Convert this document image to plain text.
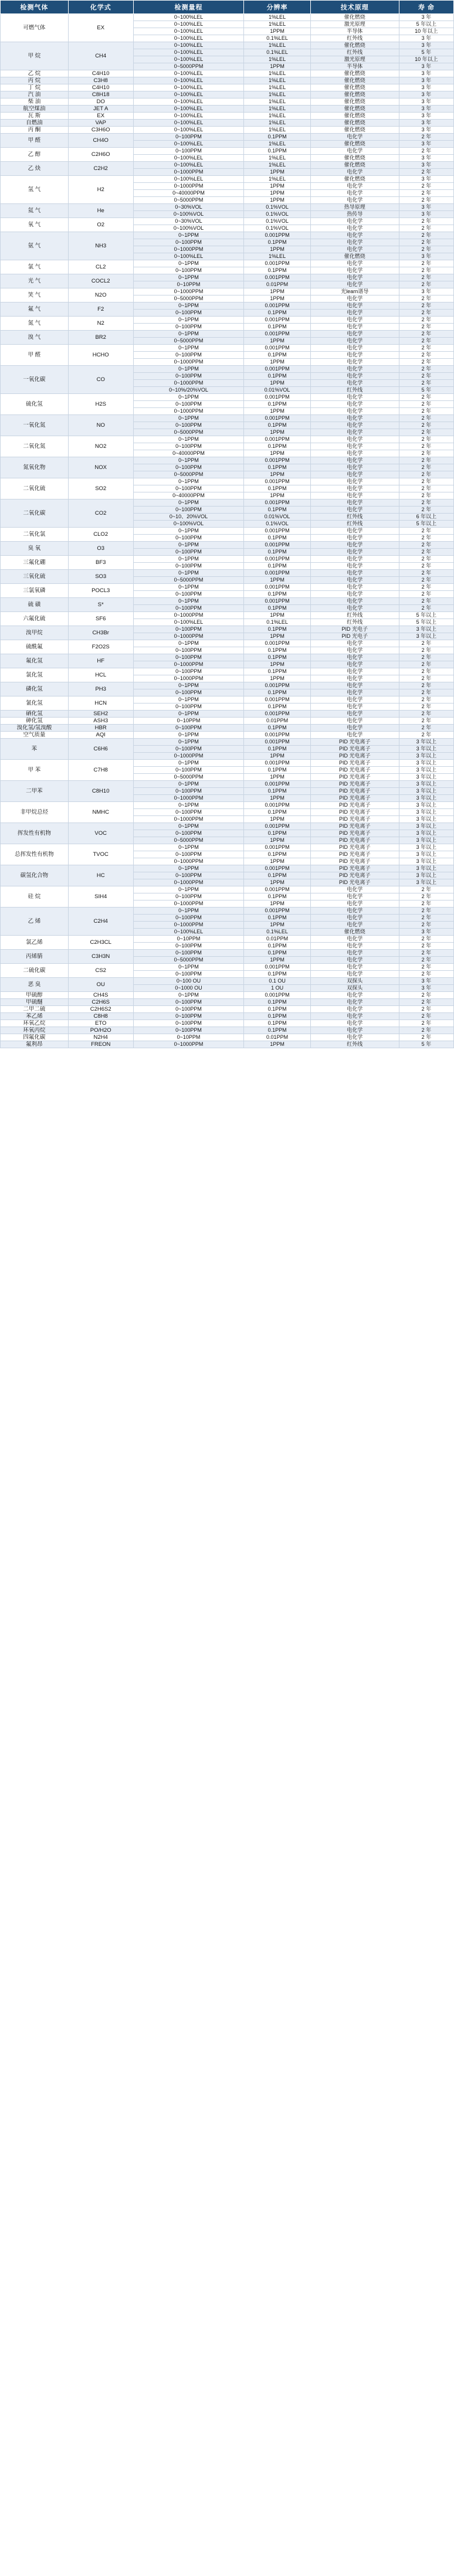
检测气体	化学式	检测量程	分辨率	技术原理	寿 命
可燃气体	EX	0~100%LEL	1%LEL	催化燃烧	3 年
		0~100%LEL	1%LEL	激光原理	5 年以上
		0~100%LEL	1PPM	半导体	10 年以上
		0~100%LEL	0.1%LEL	红外线	3 年
甲 烷	CH4	0~100%LEL	1%LEL	催化燃烧	3 年
		0~100%LEL	0.1%LEL	红外线	5 年
		0~100%LEL	1%LEL	激光原理	10 年以上
		0~5000PPM	1PPM	半导体	3 年
乙 烷	C4H10	0~100%LEL	1%LEL	催化燃烧	3 年
丙 烷	C3H8	0~100%LEL	1%LEL	催化燃烧	3 年
丁 烷	C4H10	0~100%LEL	1%LEL	催化燃烧	3 年
汽 油	C8H18	0~100%LEL	1%LEL	催化燃烧	3 年
柴 油	DO	0~100%LEL	1%LEL	催化燃烧	3 年
航空煤油	JET A	0~100%LEL	1%LEL	催化燃烧	3 年
瓦 斯	EX	0~100%LEL	1%LEL	催化燃烧	3 年
自燃油	VAP	0~100%LEL	1%LEL	催化燃烧	3 年
丙 酮	C3H6O	0~100%LEL	1%LEL	催化燃烧	3 年
甲 醛	CH4O	0~100PPM	0.1PPM	电化学	2 年
		0~100%LEL	1%LEL	催化燃烧	3 年
乙 醇	C2H6O	0~100PPM	0.1PPM	电化学	2 年
		0~100%LEL	1%LEL	催化燃烧	3 年
乙 炔	C2H2	0~100%LEL	1%LEL	催化燃烧	3 年
		0~1000PPM	1PPM	电化学	2 年
氢 气	H2	0~100%LEL	1%LEL	催化燃烧	3 年
		0~1000PPM	1PPM	电化学	2 年
		0~40000PPM	1PPM	电化学	2 年
		0~5000PPM	1PPM	电化学	2 年
氦 气	He	0~30%VOL	0.1%VOL	热导原理	3 年
		0~100%VOL	0.1%VOL	热传导	3 年
氧 气	O2	0~30%VOL	0.1%VOL	电化学	2 年
		0~100%VOL	0.1%VOL	电化学	2 年
氨 气	NH3	0~1PPM	0.001PPM	电化学	2 年
		0~100PPM	0.1PPM	电化学	2 年
		0~1000PPM	1PPM	电化学	2 年
		0~100%LEL	1%LEL	催化燃烧	3 年
氯 气	CL2	0~1PPM	0.001PPM	电化学	2 年
		0~100PPM	0.1PPM	电化学	2 年
光 气	COCL2	0~1PPM	0.001PPM	电化学	2 年
		0~10PPM	0.01PPM	电化学	2 年
笑 气	N2O	0~1000PPM	1PPM	光learn谱导	3 年
		0~5000PPM	1PPM	电化学	2 年
氟 气	F2	0~1PPM	0.001PPM	电化学	2 年
		0~100PPM	0.1PPM	电化学	2 年
氮 气	N2	0~1PPM	0.001PPM	电化学	2 年
		0~100PPM	0.1PPM	电化学	2 年
溴 气	BR2	0~1PPM	0.001PPM	电化学	2 年
		0~5000PPM	1PPM	电化学	2 年
甲 醛	HCHO	0~1PPM	0.001PPM	电化学	2 年
		0~100PPM	0.1PPM	电化学	2 年
		0~1000PPM	1PPM	电化学	2 年
一氧化碳	CO	0~1PPM	0.001PPM	电化学	2 年
		0~100PPM	0.1PPM	电化学	2 年
		0~1000PPM	1PPM	电化学	2 年
		0~10%/20%VOL	0.01%VOL	红外线	5 年
硫化氢	H2S	0~1PPM	0.001PPM	电化学	2 年
		0~100PPM	0.1PPM	电化学	2 年
		0~1000PPM	1PPM	电化学	2 年
一氧化氮	NO	0~1PPM	0.001PPM	电化学	2 年
		0~100PPM	0.1PPM	电化学	2 年
		0~5000PPM	1PPM	电化学	2 年
二氧化氮	NO2	0~1PPM	0.001PPM	电化学	2 年
		0~100PPM	0.1PPM	电化学	2 年
		0~40000PPM	1PPM	电化学	2 年
氮氧化物	NOX	0~1PPM	0.001PPM	电化学	2 年
		0~100PPM	0.1PPM	电化学	2 年
		0~5000PPM	1PPM	电化学	2 年
二氧化硫	SO2	0~1PPM	0.001PPM	电化学	2 年
		0~100PPM	0.1PPM	电化学	2 年
		0~40000PPM	1PPM	电化学	2 年
二氧化碳	CO2	0~1PPM	0.001PPM	电化学	2 年
		0~100PPM	0.1PPM	电化学	2 年
		0~10、20%VOL	0.01%VOL	红外线	6 年以上
		0~100%VOL	0.1%VOL	红外线	5 年以上
二氧化氯	CLO2	0~1PPM	0.001PPM	电化学	2 年
		0~100PPM	0.1PPM	电化学	2 年
臭 氧	O3	0~1PPM	0.001PPM	电化学	2 年
		0~100PPM	0.1PPM	电化学	2 年
三氟化硼	BF3	0~1PPM	0.001PPM	电化学	2 年
		0~100PPM	0.1PPM	电化学	2 年
三氧化硫	SO3	0~1PPM	0.001PPM	电化学	2 年
		0~5000PPM	1PPM	电化学	2 年
三氯氧磷	POCL3	0~1PPM	0.001PPM	电化学	2 年
		0~100PPM	0.1PPM	电化学	2 年
硫 磺	S*	0~1PPM	0.001PPM	电化学	2 年
		0~100PPM	0.1PPM	电化学	2 年
六氟化硫	SF6	0~1000PPM	1PPM	红外线	5 年以上
		0~100%LEL	0.1%LEL	红外线	5 年以上
溴甲烷	CH3Br	0~100PPM	0.1PPM	PID 光电子	3 年以上
		0~1000PPM	1PPM	PID 光电子	3 年以上
硫酰氟	F2O2S	0~1PPM	0.001PPM	电化学	2 年
		0~100PPM	0.1PPM	电化学	2 年
氟化氢	HF	0~100PPM	0.1PPM	电化学	2 年
		0~1000PPM	1PPM	电化学	2 年
氯化氢	HCL	0~100PPM	0.1PPM	电化学	2 年
		0~1000PPM	1PPM	电化学	2 年
磷化氢	PH3	0~1PPM	0.001PPM	电化学	2 年
		0~100PPM	0.1PPM	电化学	2 年
氰化氢	HCN	0~1PPM	0.001PPM	电化学	2 年
		0~100PPM	0.1PPM	电化学	2 年
硒化氢	SEH2	0~1PPM	0.001PPM	电化学	2 年
砷化氢	ASH3	0~10PPM	0.01PPM	电化学	2 年
溴化氢/氢溴酸	HBR	0~100PPM	0.1PPM	电化学	2 年
空气质量	AQI	0~1PPM	0.001PPM	电化学	2 年
苯	C6H6	0~1PPM	0.001PPM	PID 光电离子	3 年以上
		0~100PPM	0.1PPM	PID 光电离子	3 年以上
		0~1000PPM	1PPM	PID 光电离子	3 年以上
甲 苯	C7H8	0~1PPM	0.001PPM	PID 光电离子	3 年以上
		0~100PPM	0.1PPM	PID 光电离子	3 年以上
		0~5000PPM	1PPM	PID 光电离子	3 年以上
二甲苯	C8H10	0~1PPM	0.001PPM	PID 光电离子	3 年以上
		0~100PPM	0.1PPM	PID 光电离子	3 年以上
		0~1000PPM	1PPM	PID 光电离子	3 年以上
非甲烷总烃	NMHC	0~1PPM	0.001PPM	PID 光电离子	3 年以上
		0~100PPM	0.1PPM	PID 光电离子	3 年以上
		0~1000PPM	1PPM	PID 光电离子	3 年以上
挥发性有机物	VOC	0~1PPM	0.001PPM	PID 光电离子	3 年以上
		0~100PPM	0.1PPM	PID 光电离子	3 年以上
		0~5000PPM	1PPM	PID 光电离子	3 年以上
总挥发性有机物	TVOC	0~1PPM	0.001PPM	PID 光电离子	3 年以上
		0~100PPM	0.1PPM	PID 光电离子	3 年以上
		0~1000PPM	1PPM	PID 光电离子	3 年以上
碳氢化合物	HC	0~1PPM	0.001PPM	PID 光电离子	3 年以上
		0~100PPM	0.1PPM	PID 光电离子	3 年以上
		0~1000PPM	1PPM	PID 光电离子	3 年以上
硅 烷	SIH4	0~1PPM	0.001PPM	电化学	2 年
		0~100PPM	0.1PPM	电化学	2 年
		0~1000PPM	1PPM	电化学	2 年
乙 烯	C2H4	0~1PPM	0.001PPM	电化学	2 年
		0~100PPM	0.1PPM	电化学	2 年
		0~1000PPM	1PPM	电化学	2 年
		0~100%LEL	0.1%LEL	催化燃烧	3 年
氯乙烯	C2H3CL	0~10PPM	0.01PPM	电化学	2 年
		0~100PPM	0.1PPM	电化学	2 年
丙烯腈	C3H3N	0~100PPM	0.1PPM	电化学	2 年
		0~5000PPM	1PPM	电化学	2 年
二硫化碳	CS2	0~1PPM	0.001PPM	电化学	2 年
		0~100PPM	0.1PPM	电化学	2 年
恶 臭	OU	0~100 OU	0.1 OU	双探头	3 年
		0~1000 OU	1 OU	双探头	3 年
甲硫醇	CH4S	0~1PPM	0.001PPM	电化学	2 年
甲硫醚	C2H6S	0~100PPM	0.1PPM	电化学	2 年
二甲二硫	C2H6S2	0~100PPM	0.1PPM	电化学	2 年
苯乙烯	C8H8	0~100PPM	0.1PPM	电化学	2 年
环氧乙烷	ETO	0~100PPM	0.1PPM	电化学	2 年
环氧丙烷	PO/H2O	0~100PPM	0.1PPM	电化学	2 年
四氟化碳	N2H4	0~10PPM	0.01PPM	电化学	2 年
氟利昂	FREON	0~1000PPM	1PPM	红外线	5 年
